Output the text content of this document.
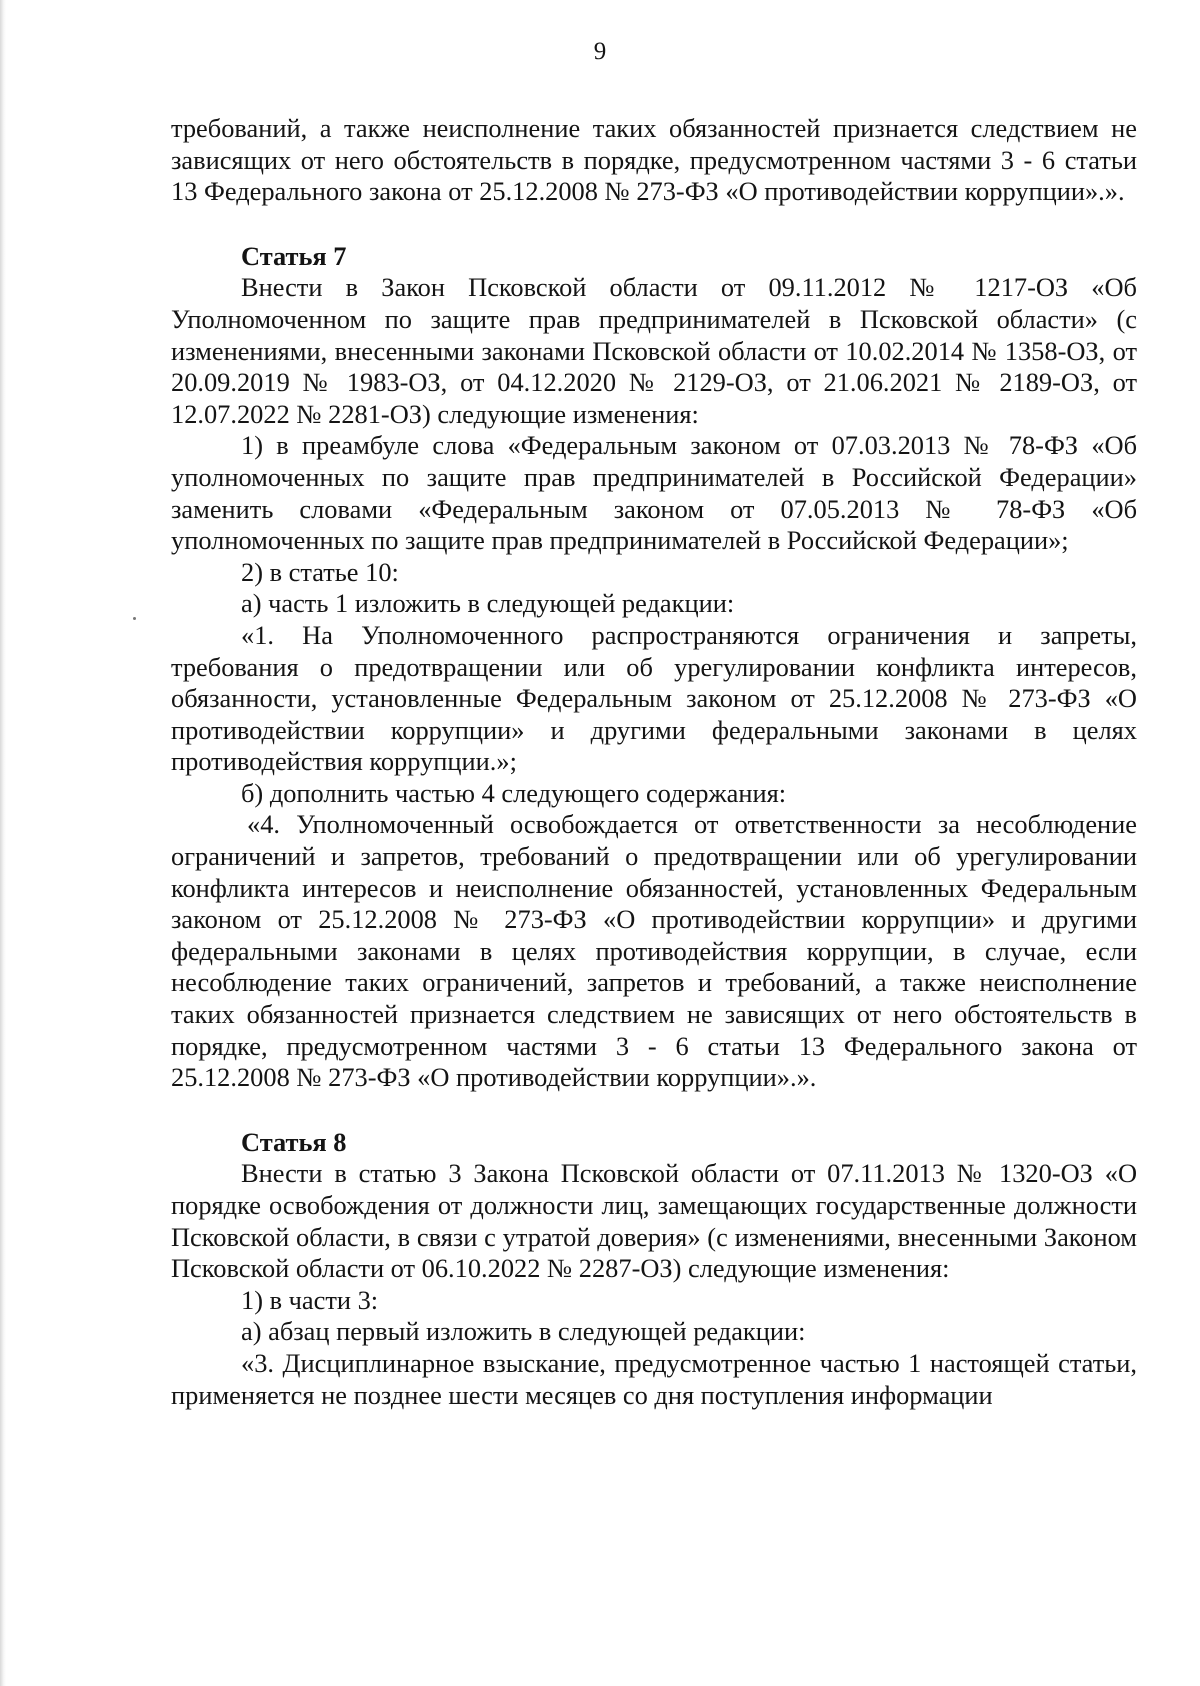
9

требований, а также неисполнение таких обязанностей признается следствием не зависящих от него обстоятельств в порядке, предусмотренном частями 3 - 6 статьи 13 Федерального закона от 25.12.2008 № 273-ФЗ «О противодействии коррупции».».

Статья 7

Внести в Закон Псковской области от 09.11.2012 № 1217-ОЗ «Об Уполномоченном по защите прав предпринимателей в Псковской области» (с изменениями, внесенными законами Псковской области от 10.02.2014 № 1358-ОЗ, от 20.09.2019 № 1983-ОЗ, от 04.12.2020 № 2129-ОЗ, от 21.06.2021 № 2189-ОЗ, от 12.07.2022 № 2281-ОЗ) следующие изменения:

1) в преамбуле слова «Федеральным законом от 07.03.2013 № 78-ФЗ «Об уполномоченных по защите прав предпринимателей в Российской Федерации» заменить словами «Федеральным законом от 07.05.2013 № 78-ФЗ «Об уполномоченных по защите прав предпринимателей в Российской Федерации»;

2) в статье 10:

а) часть 1 изложить в следующей редакции:

«1. На Уполномоченного распространяются ограничения и запреты, требования о предотвращении или об урегулировании конфликта интересов, обязанности, установленные Федеральным законом от 25.12.2008 № 273-ФЗ «О противодействии коррупции» и другими федеральными законами в целях противодействия коррупции.»;

б) дополнить частью 4 следующего содержания:

«4. Уполномоченный освобождается от ответственности за несоблюдение ограничений и запретов, требований о предотвращении или об урегулировании конфликта интересов и неисполнение обязанностей, установленных Федеральным законом от 25.12.2008 № 273-ФЗ «О противодействии коррупции» и другими федеральными законами в целях противодействия коррупции, в случае, если несоблюдение таких ограничений, запретов и требований, а также неисполнение таких обязанностей признается следствием не зависящих от него обстоятельств в порядке, предусмотренном частями 3 - 6 статьи 13 Федерального закона от 25.12.2008 № 273-ФЗ «О противодействии коррупции».».

Статья 8

Внести в статью 3 Закона Псковской области от 07.11.2013 № 1320-ОЗ «О порядке освобождения от должности лиц, замещающих государственные должности Псковской области, в связи с утратой доверия» (с изменениями, внесенными Законом Псковской области от 06.10.2022 № 2287-ОЗ) следующие изменения:

1) в части 3:

а) абзац первый изложить в следующей редакции:

«3. Дисциплинарное взыскание, предусмотренное частью 1 настоящей статьи, применяется не позднее шести месяцев со дня поступления информации
